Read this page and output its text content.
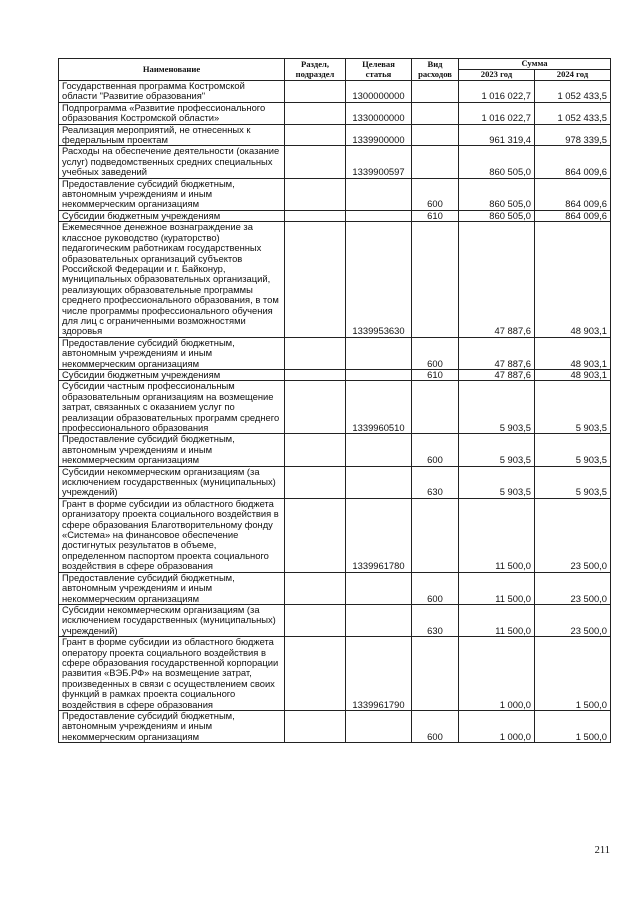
Наименование	Раздел, подраздел	Целевая статья	Вид расходов	Сумма	
				2023 год	2024 год
Государственная программа Костромской области "Развитие образования"		1300000000		1 016 022,7	1 052 433,5
Подпрограмма «Развитие профессионального образования Костромской области»		1330000000		1 016 022,7	1 052 433,5
Реализация мероприятий, не отнесенных к федеральным проектам		1339900000		961 319,4	978 339,5
Расходы на обеспечение деятельности (оказание услуг) подведомственных средних специальных учебных заведений		1339900597		860 505,0	864 009,6
Предоставление субсидий бюджетным, автономным учреждениям и иным некоммерческим организациям			600	860 505,0	864 009,6
Субсидии бюджетным учреждениям			610	860 505,0	864 009,6
Ежемесячное денежное вознаграждение за классное руководство (кураторство) педагогическим работникам государственных образовательных организаций субъектов Российской Федерации и г. Байконур, муниципальных образовательных организаций, реализующих образовательные программы среднего профессионального образования, в том числе программы профессионального обучения для лиц с ограниченными возможностями здоровья		1339953630		47 887,6	48 903,1
Предоставление субсидий бюджетным, автономным учреждениям и иным некоммерческим организациям			600	47 887,6	48 903,1
Субсидии бюджетным учреждениям			610	47 887,6	48 903,1
Субсидии частным профессиональным образовательным организациям на возмещение затрат, связанных с оказанием услуг по реализации образовательных программ среднего профессионального образования		1339960510		5 903,5	5 903,5
Предоставление субсидий бюджетным, автономным учреждениям и иным некоммерческим организациям			600	5 903,5	5 903,5
Субсидии некоммерческим организациям (за исключением государственных (муниципальных) учреждений)			630	5 903,5	5 903,5
Грант в форме субсидии из областного бюджета организатору проекта социального воздействия в сфере образования Благотворительному фонду «Система» на финансовое обеспечение достигнутых результатов в объеме, определенном паспортом проекта социального воздействия в сфере образования		1339961780		11 500,0	23 500,0
Предоставление субсидий бюджетным, автономным учреждениям и иным некоммерческим организациям			600	11 500,0	23 500,0
Субсидии некоммерческим организациям (за исключением государственных (муниципальных) учреждений)			630	11 500,0	23 500,0
Грант в форме субсидии из областного бюджета оператору проекта социального воздействия в сфере образования государственной корпорации развития «ВЭБ.РФ» на возмещение затрат, произведенных в связи с осуществлением своих функций в рамках проекта социального воздействия в сфере образования		1339961790		1 000,0	1 500,0
Предоставление субсидий бюджетным, автономным учреждениям и иным некоммерческим организациям			600	1 000,0	1 500,0
211
